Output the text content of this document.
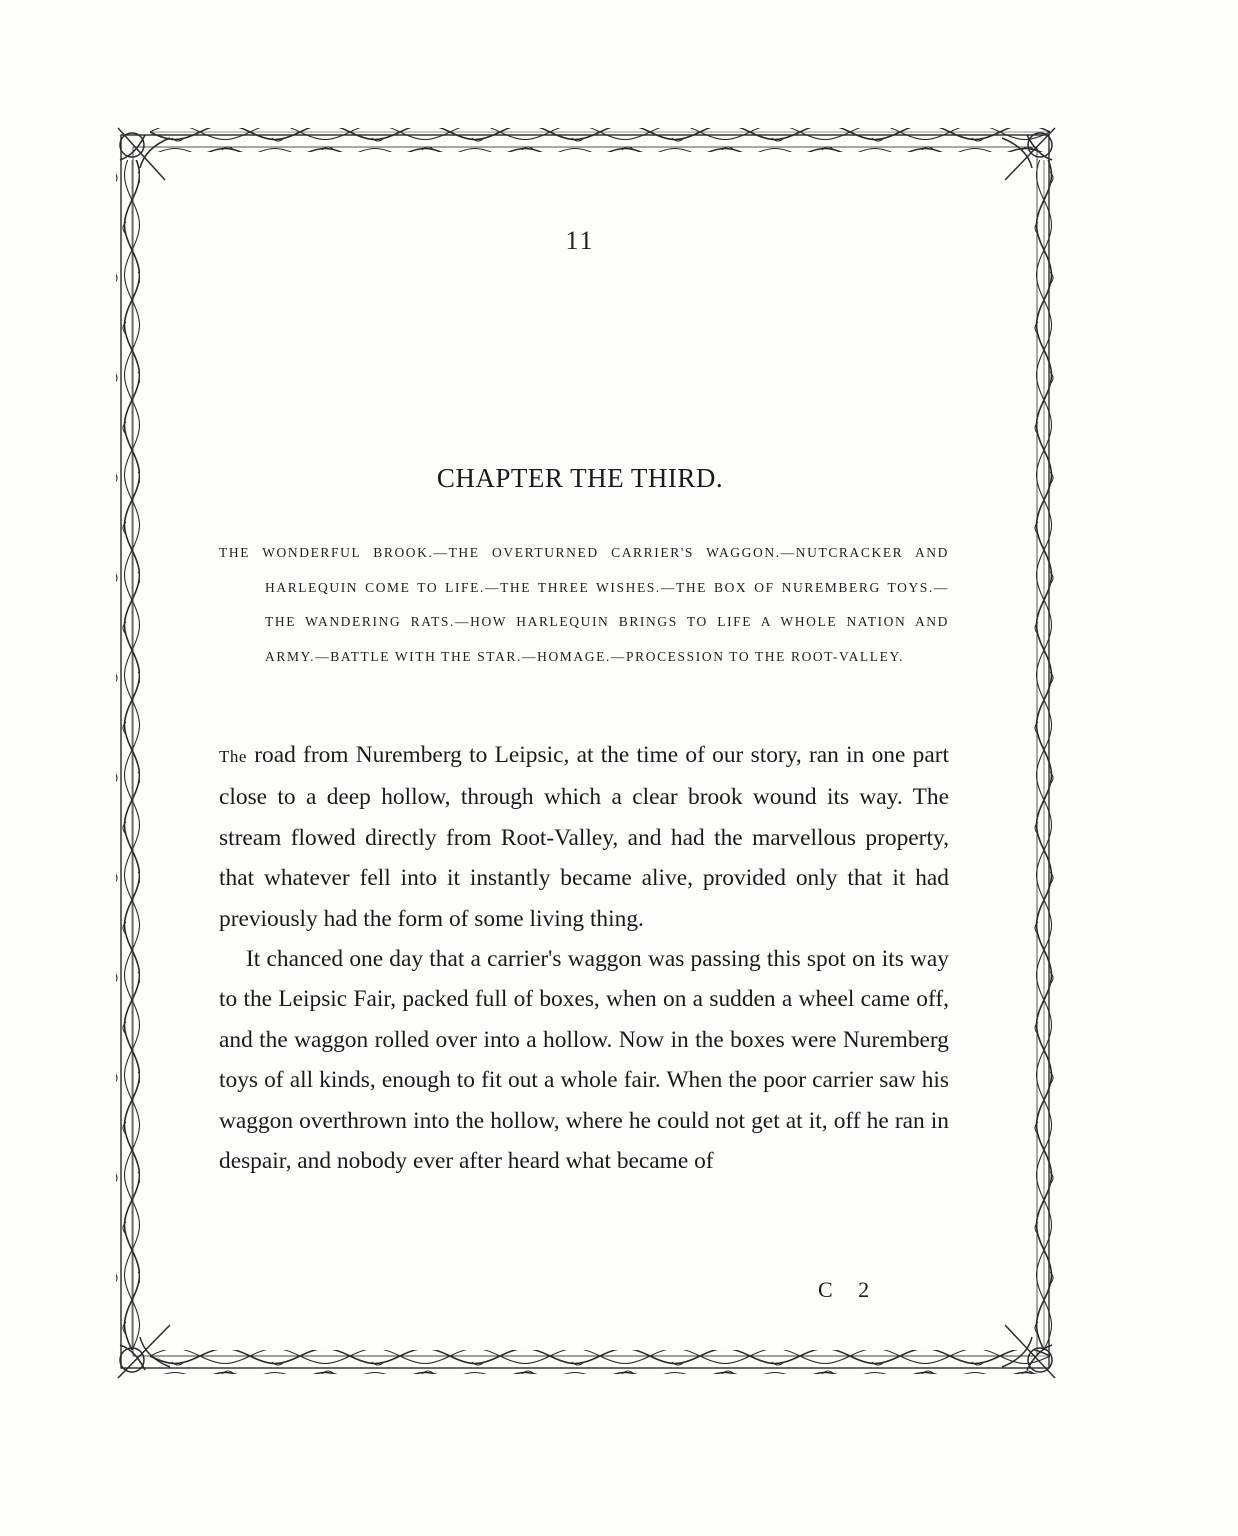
11
CHAPTER THE THIRD.
THE WONDERFUL BROOK.—THE OVERTURNED CARRIER'S WAGGON.—NUTCRACKER AND HARLEQUIN COME TO LIFE.—THE THREE WISHES.—THE BOX OF NUREMBERG TOYS.—THE WANDERING RATS.—HOW HARLEQUIN BRINGS TO LIFE A WHOLE NATION AND ARMY.—BATTLE WITH THE STAR.—HOMAGE.—PROCESSION TO THE ROOT-VALLEY.

The road from Nuremberg to Leipsic, at the time of our story, ran in one part close to a deep hollow, through which a clear brook wound its way. The stream flowed directly from Root-Valley, and had the marvellous property, that whatever fell into it instantly became alive, provided only that it had previously had the form of some living thing.

It chanced one day that a carrier's waggon was passing this spot on its way to the Leipsic Fair, packed full of boxes, when on a sudden a wheel came off, and the waggon rolled over into a hollow. Now in the boxes were Nuremberg toys of all kinds, enough to fit out a whole fair. When the poor carrier saw his waggon overthrown into the hollow, where he could not get at it, off he ran in despair, and nobody ever after heard what became of

C 2
